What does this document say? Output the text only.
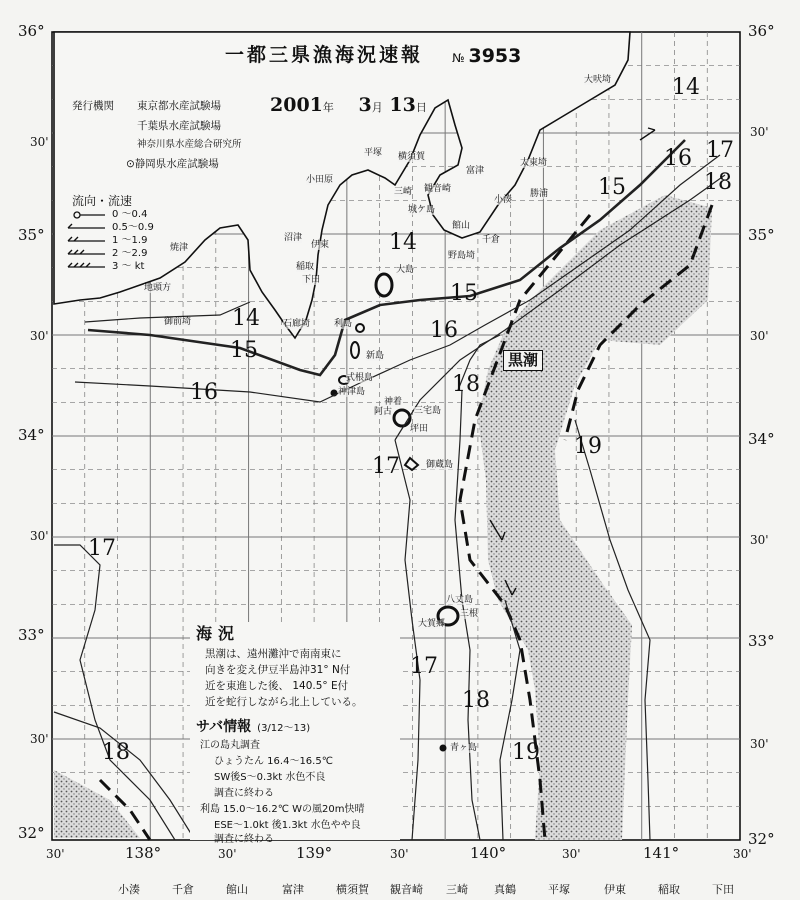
一都三県漁海況速報 № 3953
2001年 3月 13日
発行機関 東京都水産試験場
千葉県水産試験場
神奈川県水産総合研究所
⊙静岡県水産試験場
流向・流速
0 〜0.4
0.5〜0.9
1 〜1.9
2 〜2.9
3 〜 kt
36°
30'
35°
30'
34°
30'
33°
30'
32°
36°
30'
35°
30'
34°
30'
33°
30'
32°
30'	138°	30'	139°	30'	140°	30'	141°	30'
14
14
14
15
15
15
16
16
16
17
17
17
17
18
18
18
19
19
18
黒潮
大吠埼
太東埼
勝浦
小湊
千倉
野島埼
館山
富津
観音崎
城ケ島
三崎
横須賀
平塚
小田原
沼津
伊東
稲取
下田
石廊埼
大島
利島
新島
式根島
神津島
三宅島
神着
阿古
坪田
御蔵島
八丈島
大賀郷
三根
青ヶ島
焼津
御前埼
地頭方
海況
黒潮は、遠州灘沖で南南東に
向きを変え伊豆半島沖31° N付
近を東進した後、 140.5° E付
近を蛇行しながら北上している。
サバ情報 (3/12〜13)
江の島丸調査
ひょうたん 16.4〜16.5℃
SW後S〜0.3kt 水色不良
調査に終わる
利島 15.0〜16.2℃ Wの風20m快晴
ESE〜1.0kt 後1.3kt 水色やや良
調査に終わる
小湊	千倉	館山	富津	横須賀 観音崎 三崎 真鶴	平塚	伊東	稲取	下田
